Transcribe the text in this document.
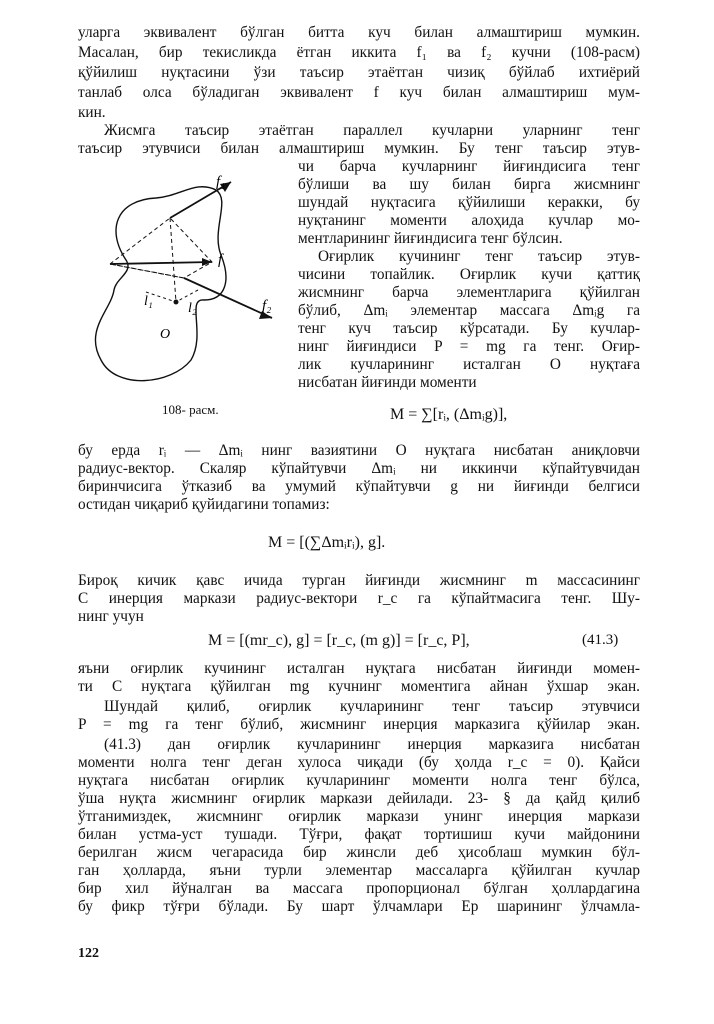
уларга эквивалент бўлган битта куч билан алмаштириш мумкин.
Масалан, бир текисликда ётган иккита f₁ ва f₂ кучни (108-расм)
қўйилиш нуқтасини ўзи таъсир этаётган чизиқ бўйлаб ихтиёрий
танлаб олса бўладиган эквивалент f куч билан алмаштириш мум-
кин.
Жисмга таъсир этаётган параллел кучларни уларнинг тенг
таъсир этувчиси билан алмаштириш мумкин. Бу тенг таъсир этув-
чи барча кучларнинг йиғиндисига тенг
бўлиши ва шу билан бирга жисмнинг
шундай нуқтасига қўйилиши керакки, бу
нуқтанинг моменти алоҳида кучлар мо-
ментларининг йиғиндисига тенг бўлсин.
Оғирлик кучининг тенг таъсир этув-
чисини топайлик. Оғирлик кучи қаттиқ
жисмнинг барча элементларига қўйилган
бўлиб, Δmᵢ элементар массага Δmᵢg га
тенг куч таъсир кўрсатади. Бу кучлар-
нинг йиғиндиси P = mg га тенг. Оғир-
лик кучларининг исталган O нуқтаға
нисбатан йиғинди моменти
f₁
f
f₂
l₁	l₂
O
108- расм.	M = ∑[rᵢ, (Δmᵢg)],
бу ерда rᵢ — Δmᵢ нинг вазиятини O нуқтага нисбатан аниқловчи
радиус-вектор. Скаляр кўпайтувчи Δmᵢ ни иккинчи кўпайтувчидан
биринчисига ўтказиб ва умумий кўпайтувчи g ни йиғинди белгиси
остидан чиқариб қуйидагини топамиз:
M = [(∑Δmᵢrᵢ), g].
Бироқ кичик қавс ичида турган йиғинди жисмнинг m массасининг
C инерция маркази радиус-вектори r_c га кўпайтмасига тенг. Шу-
нинг учун
M = [(mr_c), g] = [r_c, (m g)] = [r_c, P],	(41.3)
яъни оғирлик кучининг исталган нуқтага нисбатан йиғинди момен-
ти C нуқтага қўйилган mg кучнинг моментига айнан ўхшар экан.
Шундай қилиб, оғирлик кучларининг тенг таъсир этувчиси
P = mg га тенг бўлиб, жисмнинг инерция марказига қўйилар экан.
(41.3) дан оғирлик кучларининг инерция марказига нисбатан
моменти нолга тенг деган хулоса чиқади (бу ҳолда r_c = 0). Қайси
нуқтага нисбатан оғирлик кучларининг моменти нолга тенг бўлса,
ўша нуқта жисмнинг оғирлик маркази дейилади. 23- § да қайд қилиб
ўтганимиздек, жисмнинг оғирлик маркази унинг инерция маркази
билан устма-уст тушади. Тўғри, фақат тортишиш кучи майдонини
берилган жисм чегарасида бир жинсли деб ҳисоблаш мумкин бўл-
ган ҳолларда, яъни турли элементар массаларга қўйилган кучлар
бир хил йўналган ва массага пропорционал бўлган ҳоллардагина
бу фикр тўғри бўлади. Бу шарт ўлчамлари Ер шарининг ўлчамла-
122
